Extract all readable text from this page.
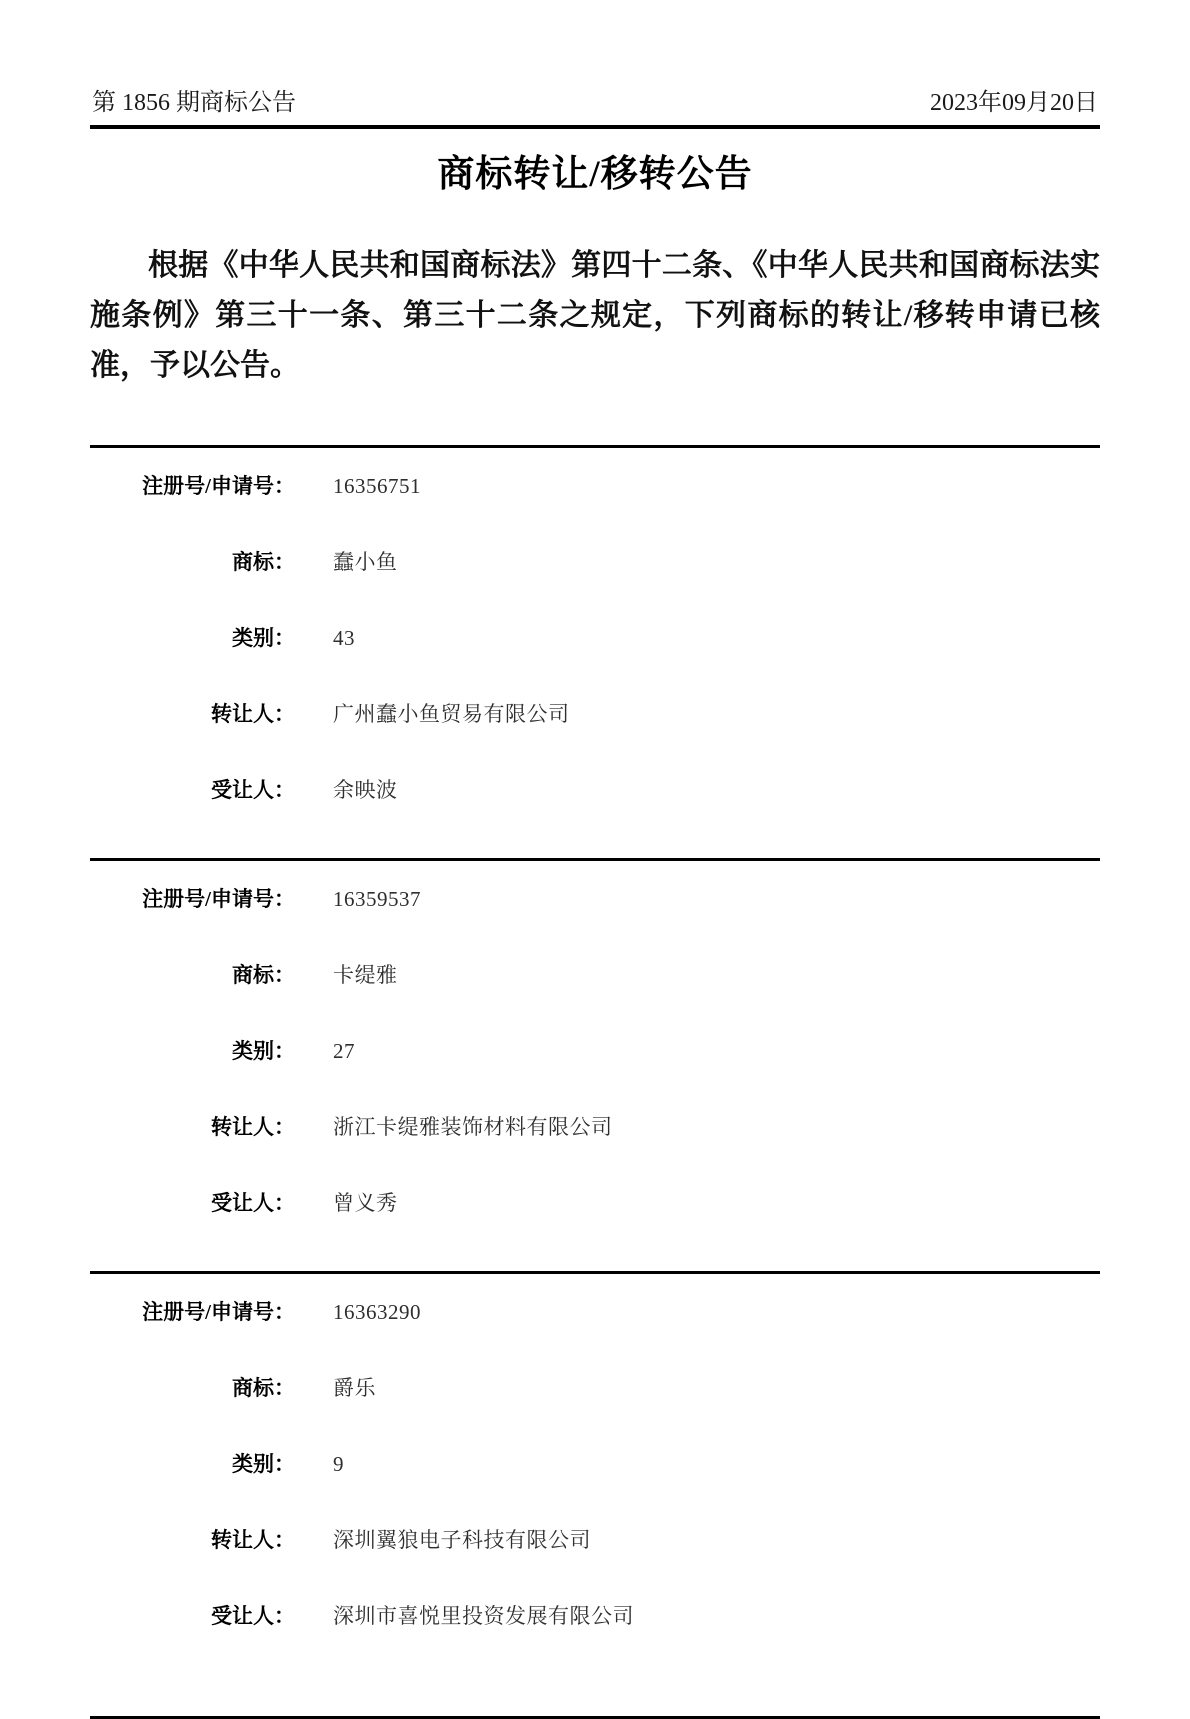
第 1856 期商标公告	2023年09月20日
商标转让/移转公告

根据《中华人民共和国商标法》第四十二条、《中华人民共和国商标法实施条例》第三十一条、第三十二条之规定，下列商标的转让/移转申请已核准，予以公告。

注册号/申请号： 16356751
商标： 蠢小鱼
类别： 43
转让人： 广州蠢小鱼贸易有限公司
受让人： 余映波
注册号/申请号： 16359537
商标： 卡缇雅
类别： 27
转让人： 浙江卡缇雅装饰材料有限公司
受让人： 曾义秀
注册号/申请号： 16363290
商标： 爵乐
类别： 9
转让人： 深圳翼狼电子科技有限公司
受让人： 深圳市喜悦里投资发展有限公司
